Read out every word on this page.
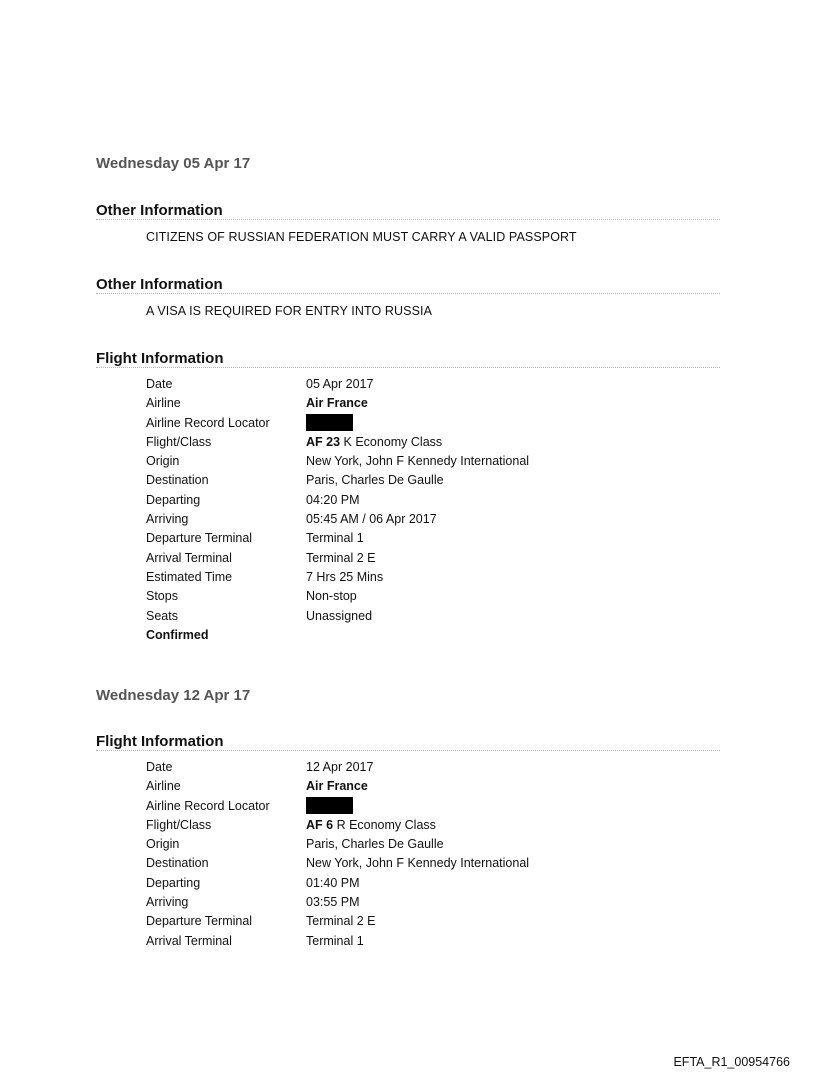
Wednesday 05 Apr 17
Other Information

CITIZENS OF RUSSIAN FEDERATION MUST CARRY A VALID PASSPORT

Other Information

A VISA IS REQUIRED FOR ENTRY INTO RUSSIA

Flight Information
Date	05 Apr 2017
Airline	Air France
Airline Record Locator	
Flight/Class	AF 23 K Economy Class
Origin	New York, John F Kennedy International
Destination	Paris, Charles De Gaulle
Departing	04:20 PM
Arriving	05:45 AM / 06 Apr 2017
Departure Terminal	Terminal 1
Arrival Terminal	Terminal 2 E
Estimated Time	7 Hrs 25 Mins
Stops	Non-stop
Seats	Unassigned
Confirmed	
Wednesday 12 Apr 17
Flight Information
Date	12 Apr 2017
Airline	Air France
Airline Record Locator	
Flight/Class	AF 6 R Economy Class
Origin	Paris, Charles De Gaulle
Destination	New York, John F Kennedy International
Departing	01:40 PM
Arriving	03:55 PM
Departure Terminal	Terminal 2 E
Arrival Terminal	Terminal 1

EFTA_R1_00954766
